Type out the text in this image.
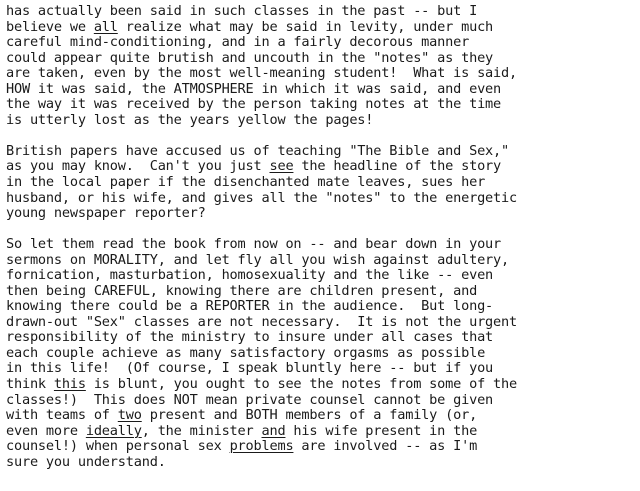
has actually been said in such classes in the past -- but I
believe we all realize what may be said in levity, under much
careful mind-conditioning, and in a fairly decorous manner
could appear quite brutish and uncouth in the "notes" as they
are taken, even by the most well-meaning student!  What is said,
HOW it was said, the ATMOSPHERE in which it was said, and even
the way it was received by the person taking notes at the time
is utterly lost as the years yellow the pages!
British papers have accused us of teaching "The Bible and Sex,"
as you may know.  Can't you just see the headline of the story
in the local paper if the disenchanted mate leaves, sues her
husband, or his wife, and gives all the "notes" to the energetic
young newspaper reporter?
So let them read the book from now on -- and bear down in your
sermons on MORALITY, and let fly all you wish against adultery,
fornication, masturbation, homosexuality and the like -- even
then being CAREFUL, knowing there are children present, and
knowing there could be a REPORTER in the audience.  But long-
drawn-out "Sex" classes are not necessary.  It is not the urgent
responsibility of the ministry to insure under all cases that
each couple achieve as many satisfactory orgasms as possible
in this life!  (Of course, I speak bluntly here -- but if you
think this is blunt, you ought to see the notes from some of the
classes!)  This does NOT mean private counsel cannot be given
with teams of two present and BOTH members of a family (or,
even more ideally, the minister and his wife present in the
counsel!) when personal sex problems are involved -- as I'm
sure you understand.
